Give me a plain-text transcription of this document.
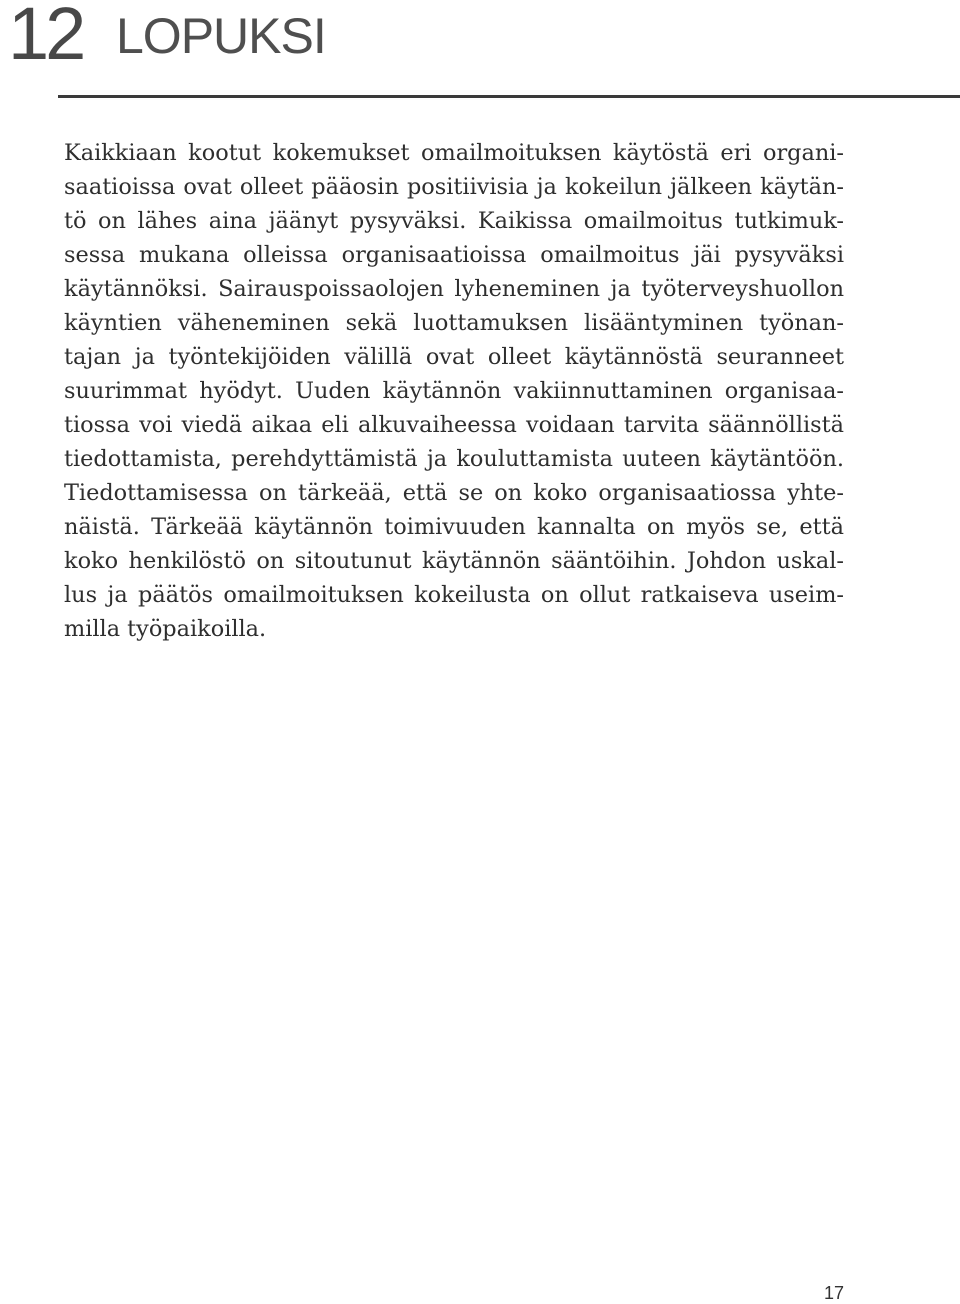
12 LOPUKSI
Kaikkiaan kootut kokemukset omailmoituksen käytöstä eri organi-
saatioissa ovat olleet pääosin positiivisia ja kokeilun jälkeen käytän-
tö on lähes aina jäänyt pysyväksi. Kaikissa omailmoitus tutkimuk-
sessa mukana olleissa organisaatioissa omailmoitus jäi pysyväksi
käytännöksi. Sairauspoissaolojen lyheneminen ja työterveyshuollon
käyntien väheneminen sekä luottamuksen lisääntyminen työnan-
tajan ja työntekijöiden välillä ovat olleet käytännöstä seuranneet
suurimmat hyödyt. Uuden käytännön vakiinnuttaminen organisaa-
tiossa voi viedä aikaa eli alkuvaiheessa voidaan tarvita säännöllistä
tiedottamista, perehdyttämistä ja kouluttamista uuteen käytäntöön.
Tiedottamisessa on tärkeää, että se on koko organisaatiossa yhte-
näistä. Tärkeää käytännön toimivuuden kannalta on myös se, että
koko henkilöstö on sitoutunut käytännön sääntöihin. Johdon uskal-
lus ja päätös omailmoituksen kokeilusta on ollut ratkaiseva useim-
milla työpaikoilla.
17
